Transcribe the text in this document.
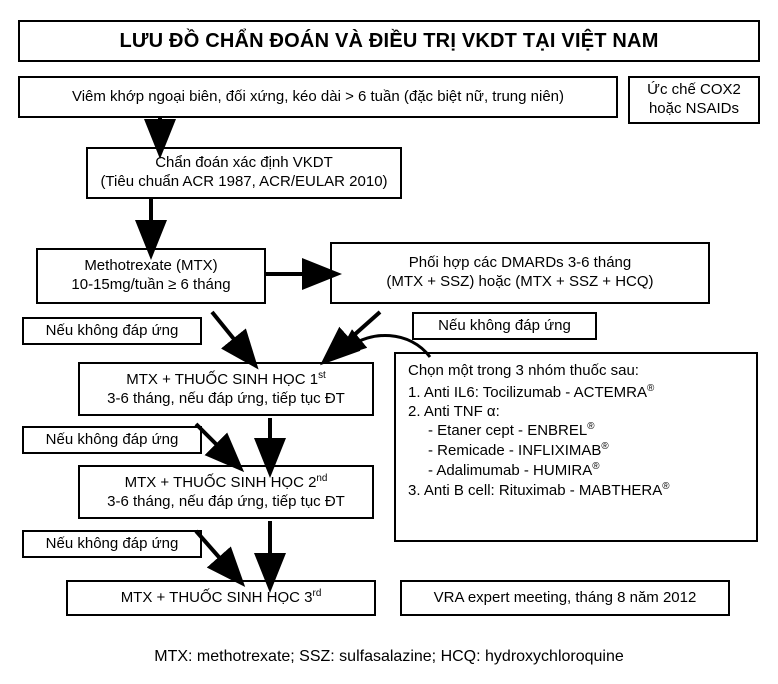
LƯU ĐỒ CHẨN ĐOÁN VÀ ĐIỀU TRỊ VKDT TẠI VIỆT NAM
Viêm khớp ngoại biên, đối xứng, kéo dài > 6 tuần (đặc biệt nữ, trung niên)	Ức chế COX2
hoặc NSAIDs
Chẩn đoán xác định VKDT
(Tiêu chuẩn ACR 1987, ACR/EULAR 2010)
Methotrexate (MTX)
10-15mg/tuần ≥ 6 tháng
Phối hợp các DMARDs 3-6 tháng
(MTX + SSZ) hoặc (MTX + SSZ + HCQ)
Nếu không đáp ứng	Nếu không đáp ứng
MTX + THUỐC SINH HỌC 1st
3-6 tháng, nếu đáp ứng, tiếp tục ĐT
Chọn một trong 3 nhóm thuốc sau:
1. Anti IL6: Tocilizumab - ACTEMRA®
2. Anti TNF α:
- Etaner cept - ENBREL®
- Remicade - INFLIXIMAB®
- Adalimumab - HUMIRA®
3. Anti B cell: Rituximab - MABTHERA®
Nếu không đáp ứng
MTX + THUỐC SINH HỌC 2nd
3-6 tháng, nếu đáp ứng, tiếp tục ĐT
Nếu không đáp ứng
MTX + THUỐC SINH HỌC 3rd	VRA expert meeting, tháng 8 năm 2012
MTX: methotrexate; SSZ: sulfasalazine; HCQ: hydroxychloroquine
